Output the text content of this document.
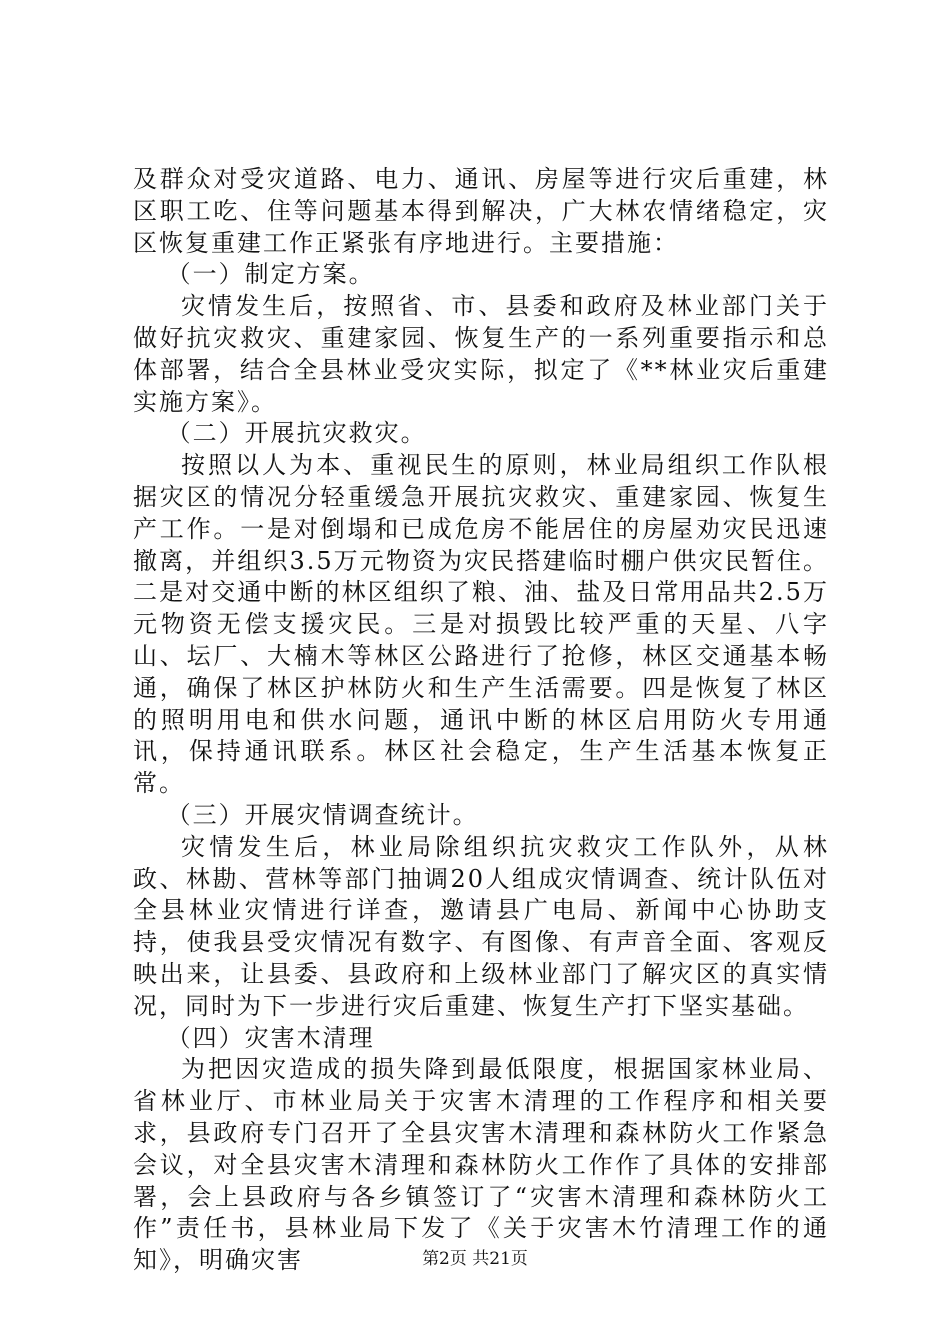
及群众对受灾道路、电力、通讯、房屋等进行灾后重建，林区职工吃、住等问题基本得到解决，广大林农情绪稳定，灾区恢复重建工作正紧张有序地进行。主要措施：

（一）制定方案。

灾情发生后，按照省、市、县委和政府及林业部门关于做好抗灾救灾、重建家园、恢复生产的一系列重要指示和总体部署，结合全县林业受灾实际，拟定了《**林业灾后重建实施方案》。

（二）开展抗灾救灾。

按照以人为本、重视民生的原则，林业局组织工作队根据灾区的情况分轻重缓急开展抗灾救灾、重建家园、恢复生产工作。一是对倒塌和已成危房不能居住的房屋劝灾民迅速撤离，并组织3.5万元物资为灾民搭建临时棚户供灾民暂住。二是对交通中断的林区组织了粮、油、盐及日常用品共2.5万元物资无偿支援灾民。三是对损毁比较严重的天星、八字山、坛厂、大楠木等林区公路进行了抢修，林区交通基本畅通，确保了林区护林防火和生产生活需要。四是恢复了林区的照明用电和供水问题，通讯中断的林区启用防火专用通讯，保持通讯联系。林区社会稳定，生产生活基本恢复正常。

（三）开展灾情调查统计。

灾情发生后，林业局除组织抗灾救灾工作队外，从林政、林勘、营林等部门抽调20人组成灾情调查、统计队伍对全县林业灾情进行详查，邀请县广电局、新闻中心协助支持，使我县受灾情况有数字、有图像、有声音全面、客观反映出来，让县委、县政府和上级林业部门了解灾区的真实情况，同时为下一步进行灾后重建、恢复生产打下坚实基础。

（四）灾害木清理

为把因灾造成的损失降到最低限度，根据国家林业局、省林业厅、市林业局关于灾害木清理的工作程序和相关要求，县政府专门召开了全县灾害木清理和森林防火工作紧急会议，对全县灾害木清理和森林防火工作作了具体的安排部署，会上县政府与各乡镇签订了“灾害木清理和森林防火工作”责任书，县林业局下发了《关于灾害木竹清理工作的通知》，明确灾害	第2页 共21页
